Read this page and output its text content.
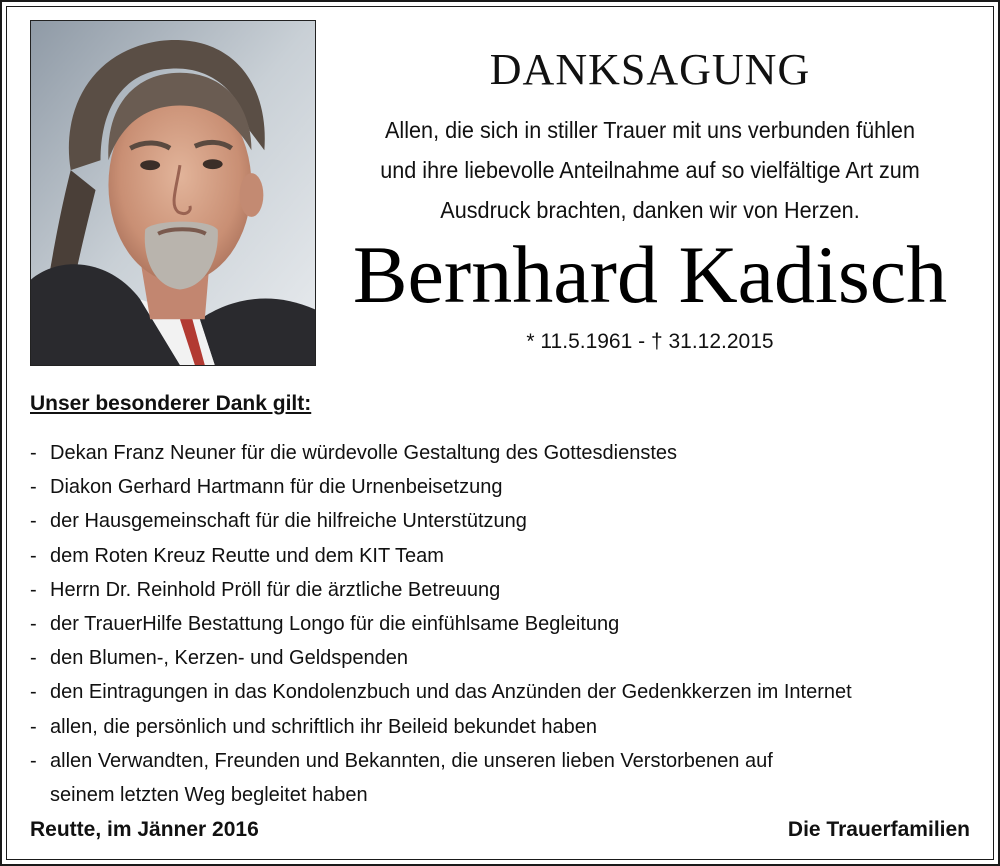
DANKSAGUNG
Allen, die sich in stiller Trauer mit uns verbunden fühlen
und ihre liebevolle Anteilnahme auf so vielfältige Art zum
Ausdruck brachten, danken wir von Herzen.
Bernhard Kadisch
* 11.5.1961 - † 31.12.2015
Unser besonderer Dank gilt:
- Dekan Franz Neuner für die würdevolle Gestaltung des Gottesdienstes
- Diakon Gerhard Hartmann für die Urnenbeisetzung
- der Hausgemeinschaft für die hilfreiche Unterstützung
- dem Roten Kreuz Reutte und dem KIT Team
- Herrn Dr. Reinhold Pröll für die ärztliche Betreuung
- der TrauerHilfe Bestattung Longo für die einfühlsame Begleitung
- den Blumen-, Kerzen- und Geldspenden
- den Eintragungen in das Kondolenzbuch und das Anzünden der Gedenkkerzen im Internet
- allen, die persönlich und schriftlich ihr Beileid bekundet haben
- allen Verwandten, Freunden und Bekannten, die unseren lieben Verstorbenen auf
seinem letzten Weg begleitet haben
Reutte, im Jänner 2016	Die Trauerfamilien
